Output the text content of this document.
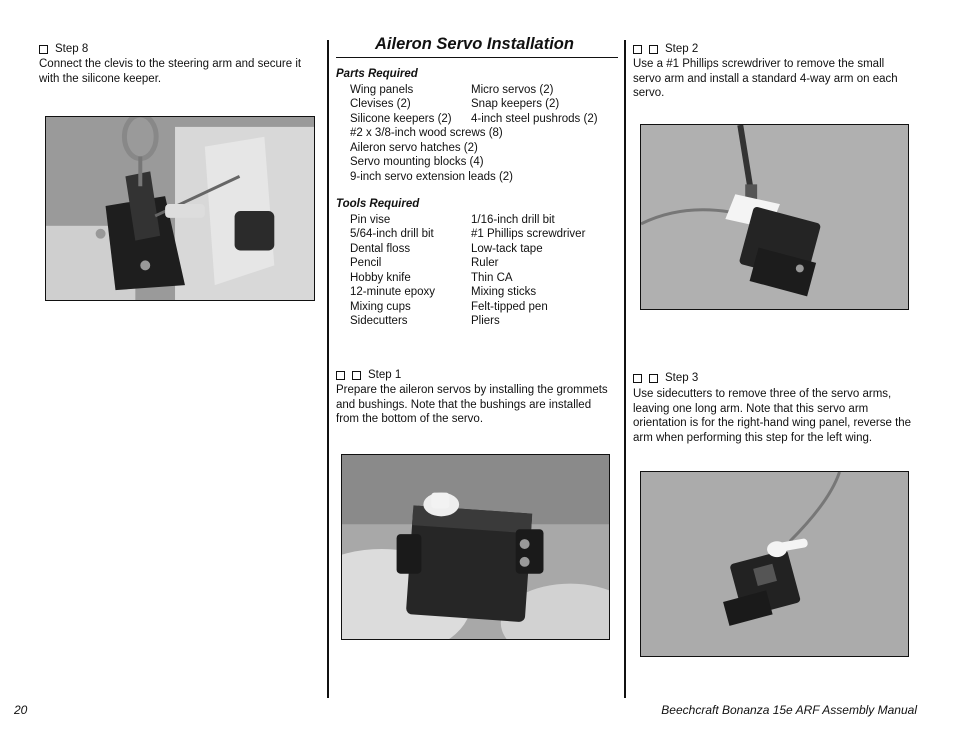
Step 8
Connect the clevis to the steering arm and secure it with the silicone keeper.
Aileron Servo Installation
Parts Required
Wing panels	Micro servos (2)
Clevises (2)	Snap keepers (2)
Silicone keepers (2) 4-inch steel pushrods (2)
#2 x 3/8-inch wood screws (8)
Aileron servo hatches (2)
Servo mounting blocks (4)
9-inch servo extension leads (2)
Tools Required
Pin vise	1/16-inch drill bit
5/64-inch drill bit	#1 Phillips screwdriver
Dental floss	Low-tack tape
Pencil	Ruler
Hobby knife	Thin CA
12-minute epoxy	Mixing sticks
Mixing cups	Felt-tipped pen
Sidecutters	Pliers
Step 1
Prepare the aileron servos by installing the grommets and bushings. Note that the bushings are installed from the bottom of the servo.
Step 2
Use a #1 Phillips screwdriver to remove the small servo arm and install a standard 4-way arm on each servo.
Step 3
Use sidecutters to remove three of the servo arms, leaving one long arm. Note that this servo arm orientation is for the right-hand wing panel, reverse the arm when performing this step for the left wing.
20	Beechcraft Bonanza 15e ARF Assembly Manual
